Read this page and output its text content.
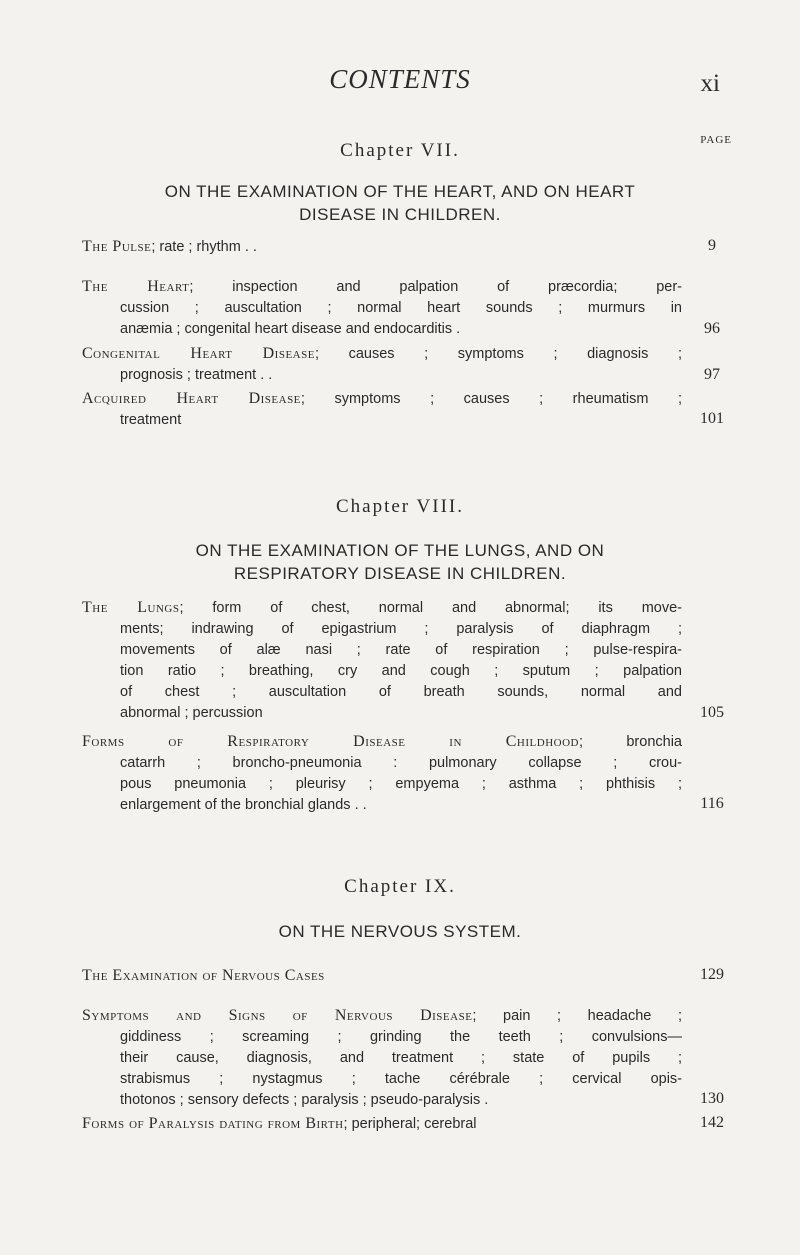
CONTENTS	xi
PAGE
Chapter VII.
ON THE EXAMINATION OF THE HEART, AND ON HEART
DISEASE IN CHILDREN.
The Pulse; rate ; rhythm . .	9
The Heart; inspection and palpation of præcordia; per-
cussion ; auscultation ; normal heart sounds ; murmurs in
anæmia ; congenital heart disease and endocarditis .	96
Congenital Heart Disease; causes ; symptoms ; diagnosis ;
prognosis ; treatment . .	97
Acquired Heart Disease; symptoms ; causes ; rheumatism ;
treatment	101
Chapter VIII.
ON THE EXAMINATION OF THE LUNGS, AND ON
RESPIRATORY DISEASE IN CHILDREN.
The Lungs; form of chest, normal and abnormal; its move-
ments; indrawing of epigastrium ; paralysis of diaphragm ;
movements of alæ nasi ; rate of respiration ; pulse-respira-
tion ratio ; breathing, cry and cough ; sputum ; palpation
of chest ; auscultation of breath sounds, normal and
abnormal ; percussion	105
Forms of Respiratory Disease in Childhood; bronchia
catarrh ; broncho-pneumonia : pulmonary collapse ; crou-
pous pneumonia ; pleurisy ; empyema ; asthma ; phthisis ;
enlargement of the bronchial glands . .	116
Chapter IX.
ON THE NERVOUS SYSTEM.
The Examination of Nervous Cases	129
Symptoms and Signs of Nervous Disease; pain ; headache ;
giddiness ; screaming ; grinding the teeth ; convulsions—
their cause, diagnosis, and treatment ; state of pupils ;
strabismus ; nystagmus ; tache cérébrale ; cervical opis-
thotonos ; sensory defects ; paralysis ; pseudo-paralysis .	130
Forms of Paralysis dating from Birth; peripheral; cerebral	142
